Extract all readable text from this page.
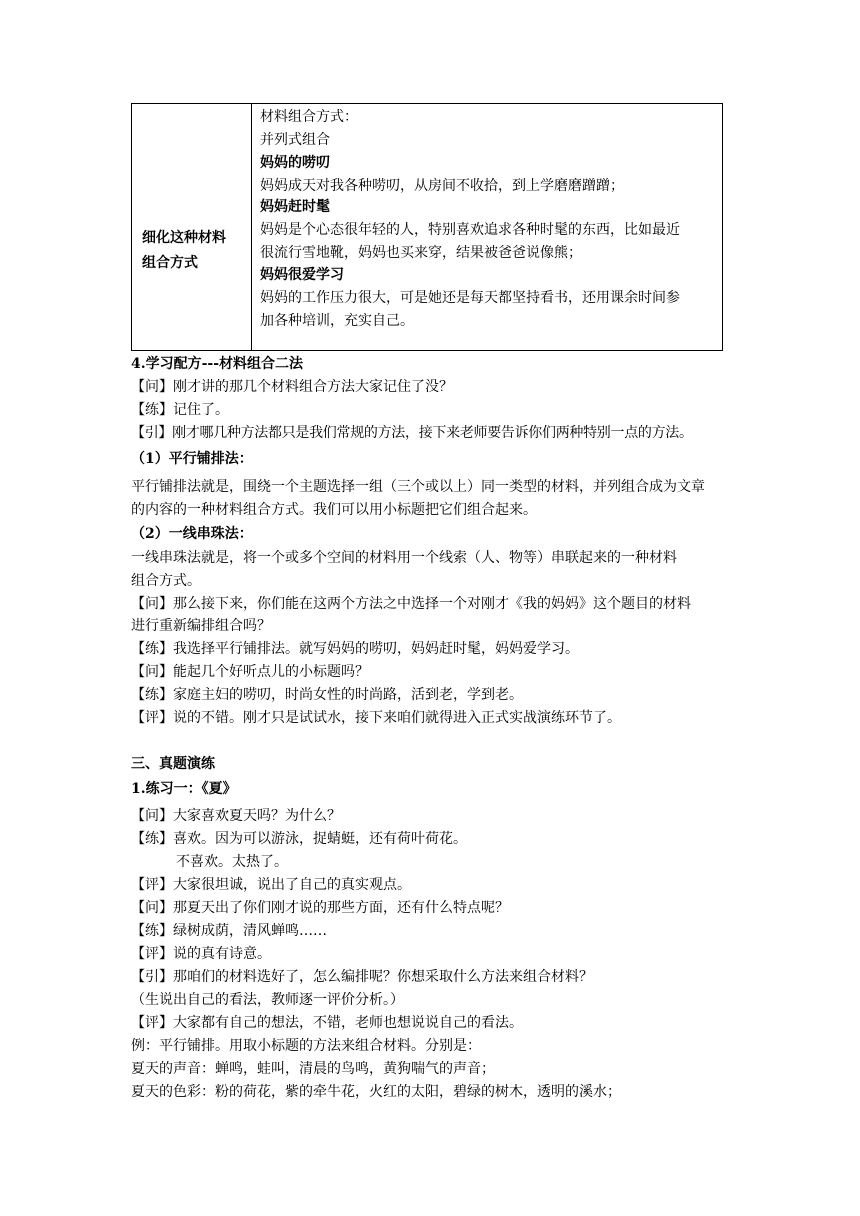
细化这种材料
组合方式
材料组合方式：
并列式组合
妈妈的唠叨
妈妈成天对我各种唠叨，从房间不收拾，到上学磨磨蹭蹭；
妈妈赶时髦
妈妈是个心态很年轻的人，特别喜欢追求各种时髦的东西，比如最近
很流行雪地靴，妈妈也买来穿，结果被爸爸说像熊；
妈妈很爱学习
妈妈的工作压力很大，可是她还是每天都坚持看书，还用课余时间参
加各种培训，充实自己。
4.学习配方---材料组合二法
【问】刚才讲的那几个材料组合方法大家记住了没？
【练】记住了。
【引】刚才哪几种方法都只是我们常规的方法，接下来老师要告诉你们两种特别一点的方法。
（1）平行铺排法：
平行铺排法就是，围绕一个主题选择一组（三个或以上）同一类型的材料，并列组合成为文章
的内容的一种材料组合方式。我们可以用小标题把它们组合起来。
（2）一线串珠法：
一线串珠法就是，将一个或多个空间的材料用一个线索（人、物等）串联起来的一种材料
组合方式。
【问】那么接下来，你们能在这两个方法之中选择一个对刚才《我的妈妈》这个题目的材料
进行重新编排组合吗？
【练】我选择平行铺排法。就写妈妈的唠叨，妈妈赶时髦，妈妈爱学习。
【问】能起几个好听点儿的小标题吗？
【练】家庭主妇的唠叨，时尚女性的时尚路，活到老，学到老。
【评】说的不错。刚才只是试试水，接下来咱们就得进入正式实战演练环节了。
三、真题演练
1.练习一：《夏》
【问】大家喜欢夏天吗？为什么？
【练】喜欢。因为可以游泳，捉蜻蜓，还有荷叶荷花。
不喜欢。太热了。
【评】大家很坦诚，说出了自己的真实观点。
【问】那夏天出了你们刚才说的那些方面，还有什么特点呢？
【练】绿树成荫，清风蝉鸣……
【评】说的真有诗意。
【引】那咱们的材料选好了，怎么编排呢？你想采取什么方法来组合材料？
（生说出自己的看法，教师逐一评价分析。）
【评】大家都有自己的想法，不错，老师也想说说自己的看法。
例：平行铺排。用取小标题的方法来组合材料。分别是：
夏天的声音：蝉鸣，蛙叫，清晨的鸟鸣，黄狗喘气的声音；
夏天的色彩：粉的荷花，紫的牵牛花，火红的太阳，碧绿的树木，透明的溪水；
